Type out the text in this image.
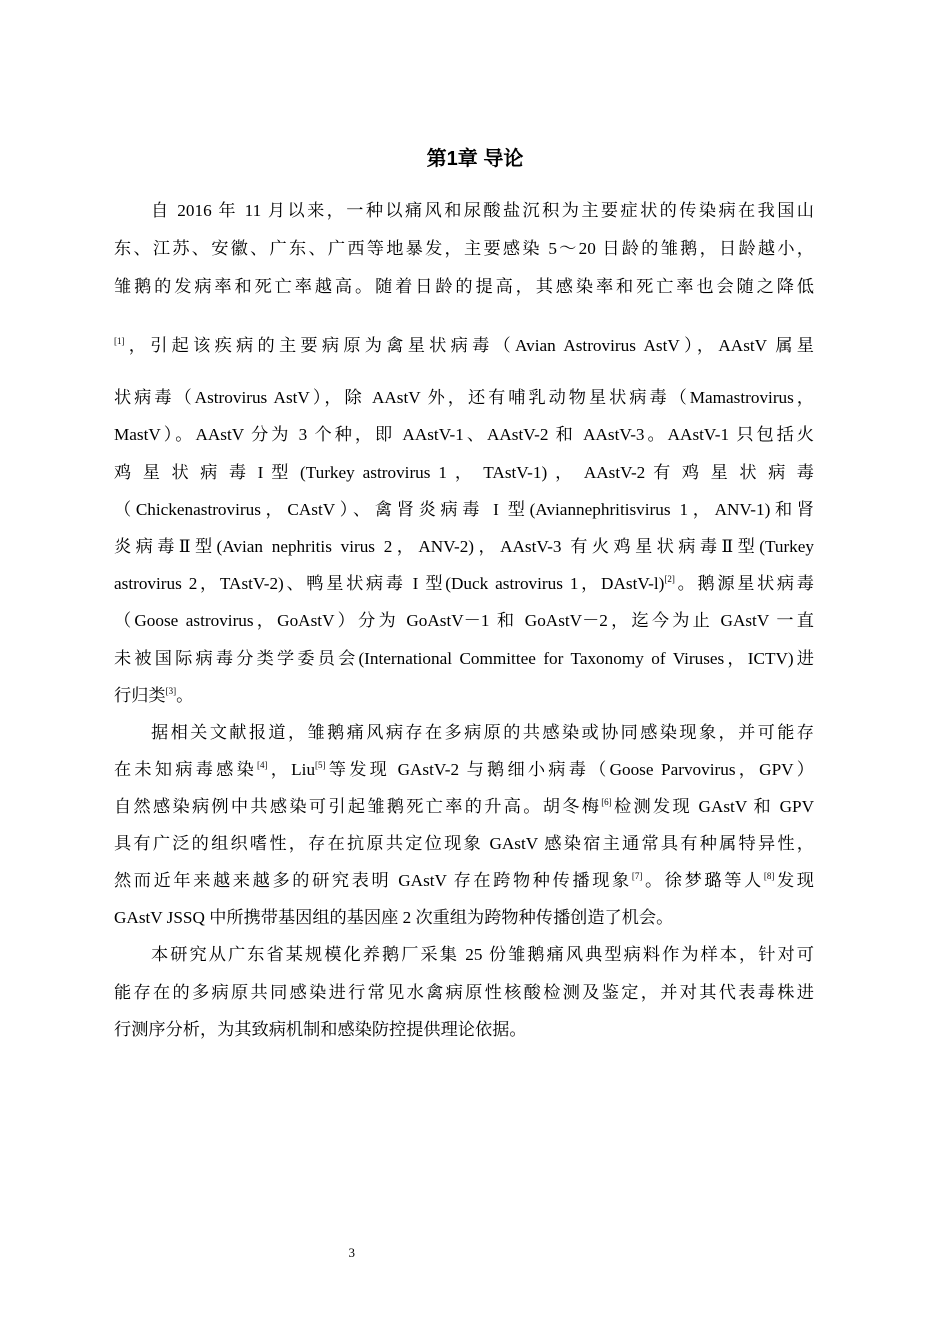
第1章 导论
自 2016 年 11 月以来，一种以痛风和尿酸盐沉积为主要症状的传染病在我国山
东、江苏、安徽、广东、广西等地暴发，主要感染 5～20 日龄的雏鹅，日龄越小，
雏鹅的发病率和死亡率越高。随着日龄的提高，其感染率和死亡率也会随之降低
[1]，引起该疾病的主要病原为禽星状病毒（Avian Astrovirus AstV），AAstV 属星
状病毒（Astrovirus AstV），除 AAstV 外，还有哺乳动物星状病毒（Mamastrovirus，
MastV）。AAstV 分为 3 个种，即 AAstV-1、AAstV-2 和 AAstV-3。AAstV-1 只包括火
鸡 星 状 病 毒 I 型 (Turkey astrovirus 1 ， TAstV-1) ， AAstV-2 有 鸡 星 状 病 毒
（Chickenastrovirus，CAstV）、禽肾炎病毒 I 型(Aviannephritisvirus 1，ANV-1)和肾
炎病毒Ⅱ型(Avian nephritis virus 2，ANV-2)，AAstV-3 有火鸡星状病毒Ⅱ型(Turkey
astrovirus 2，TAstV-2)、鸭星状病毒 I 型(Duck astrovirus 1，DAstV-l)[2]。鹅源星状病毒
（Goose astrovirus，GoAstV）分为 GoAstV－1 和 GoAstV－2，迄今为止 GAstV 一直
未被国际病毒分类学委员会(International Committee for Taxonomy of Viruses，ICTV)进
行归类[3]。
据相关文献报道，雏鹅痛风病存在多病原的共感染或协同感染现象，并可能存
在未知病毒感染[4]，Liu[5]等发现 GAstV-2 与鹅细小病毒（Goose Parvovirus，GPV）
自然感染病例中共感染可引起雏鹅死亡率的升高。胡冬梅[6]检测发现 GAstV 和 GPV
具有广泛的组织嗜性，存在抗原共定位现象 GAstV 感染宿主通常具有种属特异性，
然而近年来越来越多的研究表明 GAstV 存在跨物种传播现象[7]。徐梦璐等人[8]发现
GAstV JSSQ 中所携带基因组的基因座 2 次重组为跨物种传播创造了机会。
本研究从广东省某规模化养鹅厂采集 25 份雏鹅痛风典型病料作为样本，针对可
能存在的多病原共同感染进行常见水禽病原性核酸检测及鉴定，并对其代表毒株进
行测序分析，为其致病机制和感染防控提供理论依据。
3
